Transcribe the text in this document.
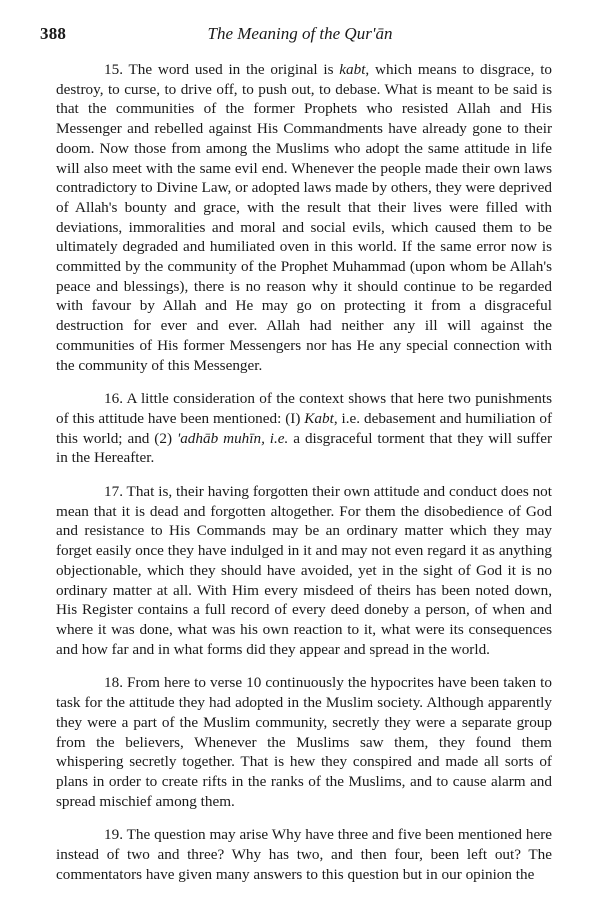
388	The Meaning of the Qur'ān

15. The word used in the original is kabt, which means to disgrace, to destroy, to curse, to drive off, to push out, to debase. What is meant to be said is that the communities of the former Prophets who resisted Allah and His Messenger and rebelled against His Commandments have already gone to their doom. Now those from among the Muslims who adopt the same attitude in life will also meet with the same evil end. Whenever the people made their own laws contradictory to Divine Law, or adopted laws made by others, they were deprived of Allah's bounty and grace, with the result that their lives were filled with deviations, immoralities and moral and social evils, which caused them to be ultimately degraded and humiliated oven in this world. If the same error now is committed by the community of the Prophet Muhammad (upon whom be Allah's peace and blessings), there is no reason why it should continue to be regarded with favour by Allah and He may go on protecting it from a disgraceful destruction for ever and ever. Allah had neither any ill will against the communities of His former Messengers nor has He any special connection with the community of this Messenger.

16. A little consideration of the context shows that here two punishments of this attitude have been mentioned: (I) Kabt, i.e. debasement and humiliation of this world; and (2) 'adhāb muhīn, i.e. a disgraceful torment that they will suffer in the Hereafter.

17. That is, their having forgotten their own attitude and conduct does not mean that it is dead and forgotten altogether. For them the disobedience of God and resistance to His Commands may be an ordinary matter which they may forget easily once they have indulged in it and may not even regard it as anything objectionable, which they should have avoided, yet in the sight of God it is no ordinary matter at all. With Him every misdeed of theirs has been noted down, His Register contains a full record of every deed doneby a person, of when and where it was done, what was his own reaction to it, what were its consequences and how far and in what forms did they appear and spread in the world.

18. From here to verse 10 continuously the hypocrites have been taken to task for the attitude they had adopted in the Muslim society. Although apparently they were a part of the Muslim community, secretly they were a separate group from the believers, Whenever the Muslims saw them, they found them whispering secretly together. That is hew they conspired and made all sorts of plans in order to create rifts in the ranks of the Muslims, and to cause alarm and spread mischief among them.

19. The question may arise Why have three and five been mentioned here instead of two and three? Why has two, and then four, been left out? The commentators have given many answers to this question but in our opinion the
